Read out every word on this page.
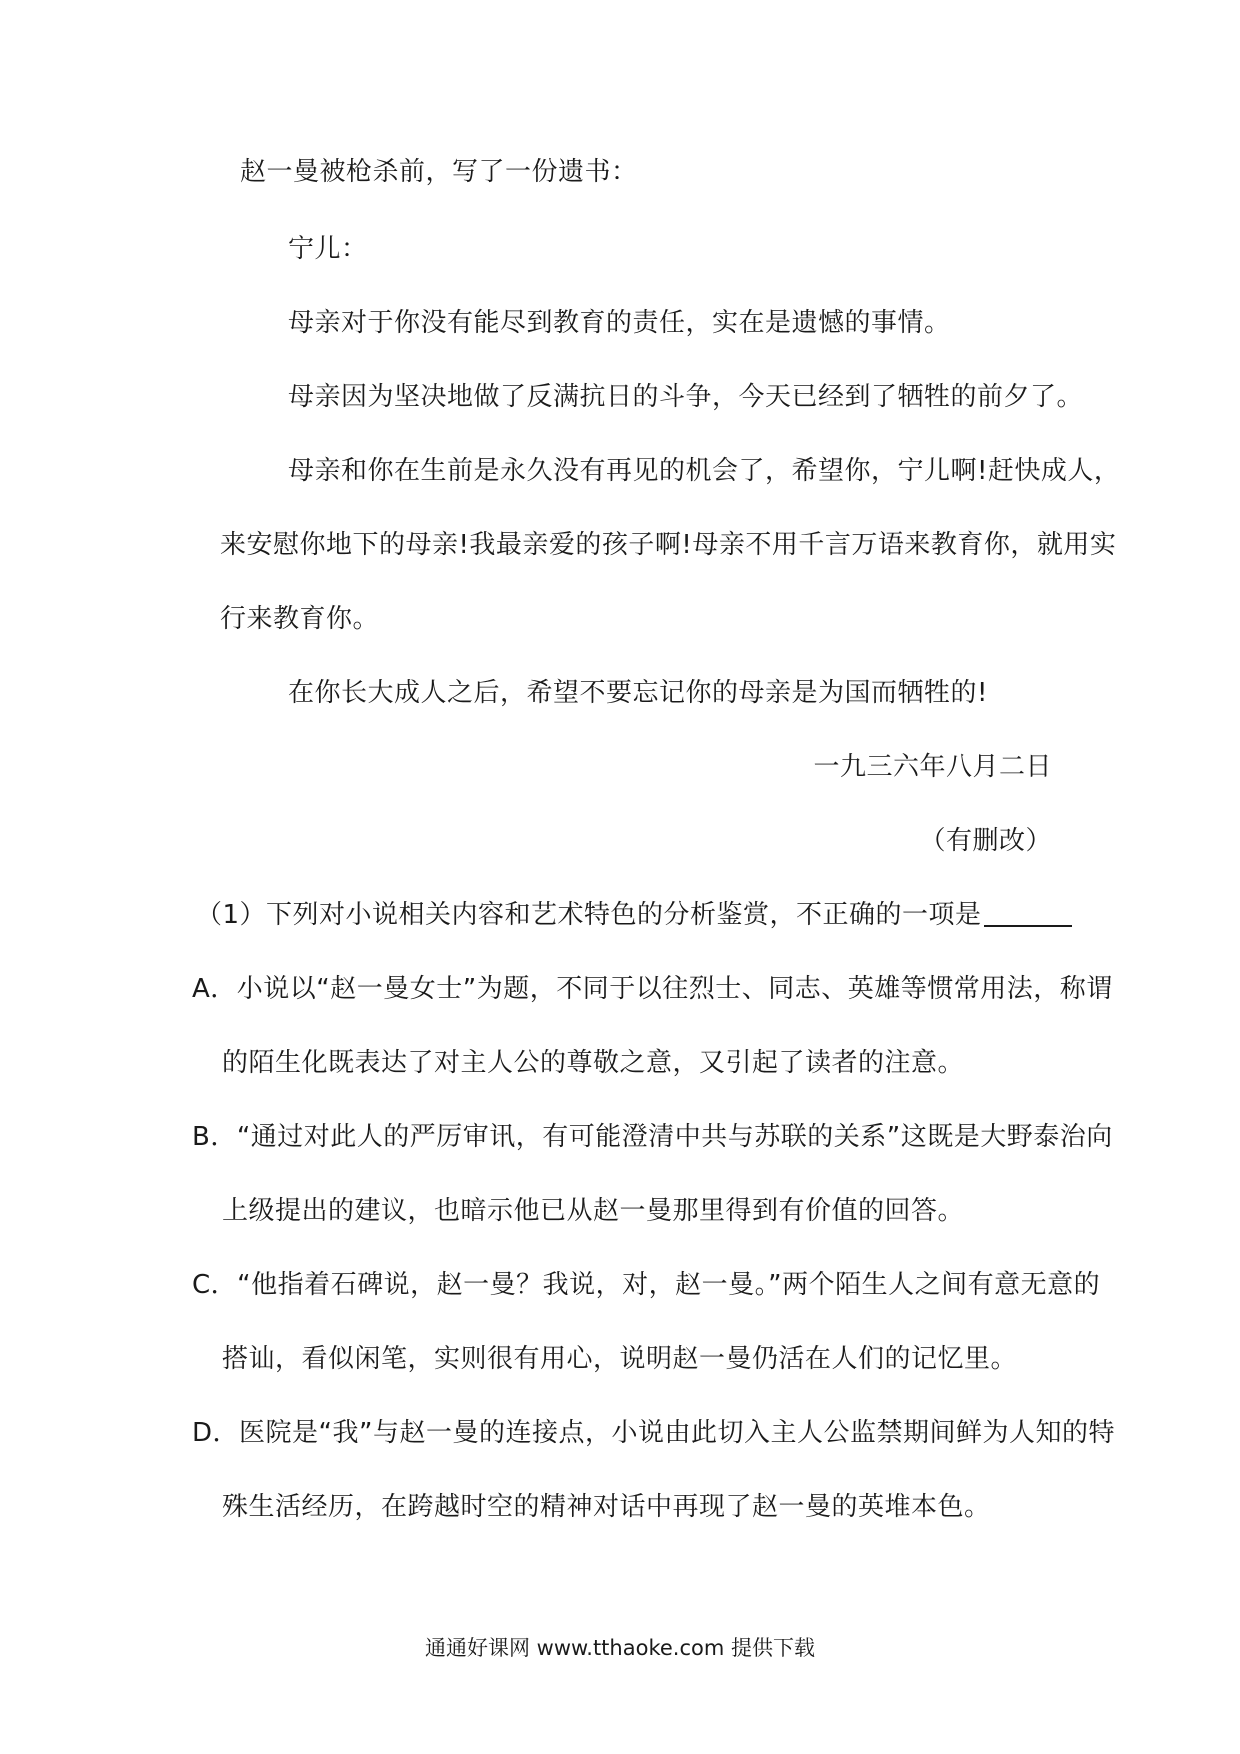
赵一曼被枪杀前，写了一份遗书：
宁儿：
母亲对于你没有能尽到教育的责任，实在是遗憾的事情。
母亲因为坚决地做了反满抗日的斗争，今天已经到了牺牲的前夕了。
母亲和你在生前是永久没有再见的机会了，希望你，宁儿啊!赶快成人，
来安慰你地下的母亲!我最亲爱的孩子啊!母亲不用千言万语来教育你，就用实
行来教育你。
在你长大成人之后，希望不要忘记你的母亲是为国而牺牲的!
一九三六年八月二日
（有删改）
（1）下列对小说相关内容和艺术特色的分析鉴赏，不正确的一项是
A．小说以“赵一曼女士”为题，不同于以往烈士、同志、英雄等惯常用法，称谓
的陌生化既表达了对主人公的尊敬之意，又引起了读者的注意。
B．“通过对此人的严厉审讯，有可能澄清中共与苏联的关系”这既是大野泰治向
上级提出的建议，也暗示他已从赵一曼那里得到有价值的回答。
C．“他指着石碑说，赵一曼？我说，对，赵一曼。”两个陌生人之间有意无意的
搭讪，看似闲笔，实则很有用心，说明赵一曼仍活在人们的记忆里。
D．医院是“我”与赵一曼的连接点，小说由此切入主人公监禁期间鲜为人知的特
殊生活经历，在跨越时空的精神对话中再现了赵一曼的英堆本色。
通通好课网 www.tthaoke.com 提供下载
